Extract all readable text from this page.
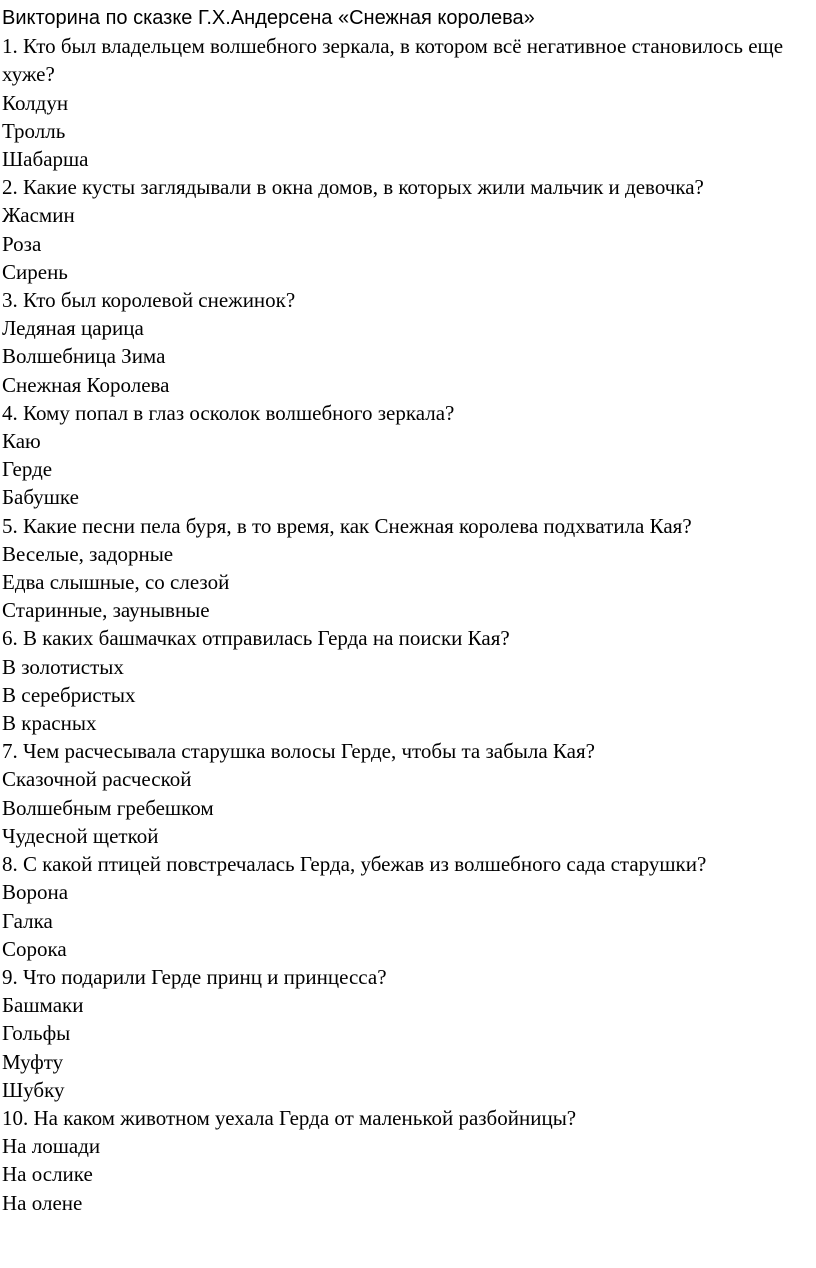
Викторина по сказке Г.Х.Андерсена «Снежная королева»

1. Кто был владельцем волшебного зеркала, в котором всё негативное становилось еще хуже?

Колдун

Тролль

Шабарша

2. Какие кусты заглядывали в окна домов, в которых жили мальчик и девочка?

Жасмин

Роза

Сирень

3. Кто был королевой снежинок?

Ледяная царица

Волшебница Зима

Снежная Королева

4. Кому попал в глаз осколок волшебного зеркала?

Каю

Герде

Бабушке

5. Какие песни пела буря, в то время, как Снежная королева подхватила Кая?

Веселые, задорные

Едва слышные, со слезой

Старинные, заунывные

6. В каких башмачках отправилась Герда на поиски Кая?

В золотистых

В серебристых

В красных

7. Чем расчесывала старушка волосы Герде, чтобы та забыла Кая?

Сказочной расческой

Волшебным гребешком

Чудесной щеткой

8. С какой птицей повстречалась Герда, убежав из волшебного сада старушки?

Ворона

Галка

Сорока

9. Что подарили Герде принц и принцесса?

Башмаки

Гольфы

Муфту

Шубку

10. На каком животном уехала Герда от маленькой разбойницы?

На лошади

На ослике

На олене
